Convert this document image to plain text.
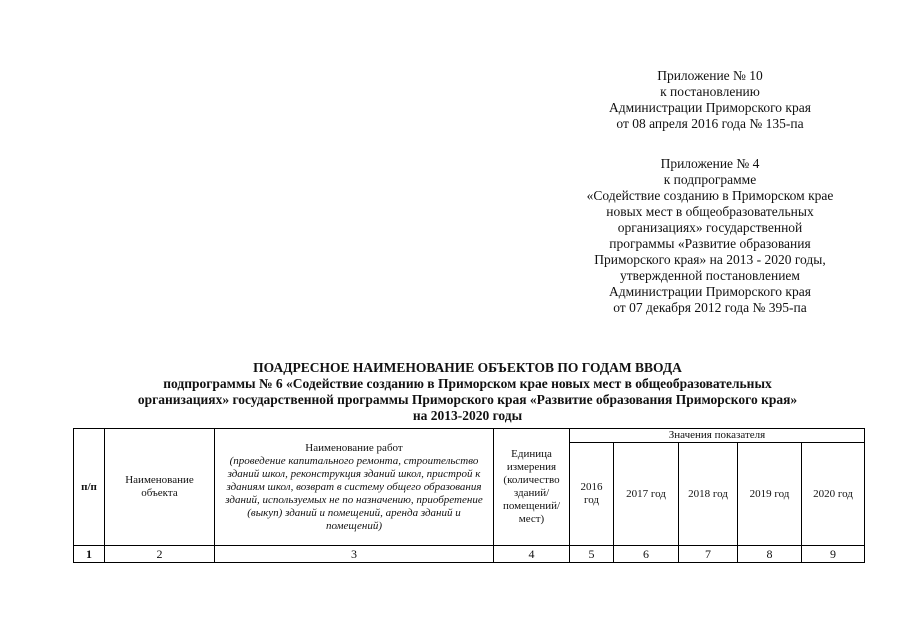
Приложение № 10
к постановлению
Администрации Приморского края
от 08 апреля 2016 года № 135-па
Приложение № 4
к подпрограмме
«Содействие созданию в Приморском крае
новых мест в общеобразовательных
организациях» государственной
программы «Развитие образования
Приморского края» на 2013 - 2020 годы,
утвержденной постановлением
Администрации Приморского края
от 07 декабря 2012 года № 395-па
ПОАДРЕСНОЕ НАИМЕНОВАНИЕ ОБЪЕКТОВ ПО ГОДАМ ВВОДА
подпрограммы № 6 «Содействие созданию в Приморском крае новых мест в общеобразовательных
организациях» государственной программы Приморского края «Развитие образования Приморского края»
на 2013-2020 годы
п/п	Наименование объекта	Наименование работ
(проведение капитального ремонта, строительство зданий школ, реконструкция зданий школ, пристрой к зданиям школ, возврат в систему общего образования зданий, используемых не по назначению, приобретение (выкуп) зданий и помещений, аренда зданий и помещений)	Единица измерения (количество зданий/ помещений/ мест)	Значения показателя				
				2016 год	2017 год	2018 год	2019 год	2020 год
1	2	3	4	5	6	7	8	9
